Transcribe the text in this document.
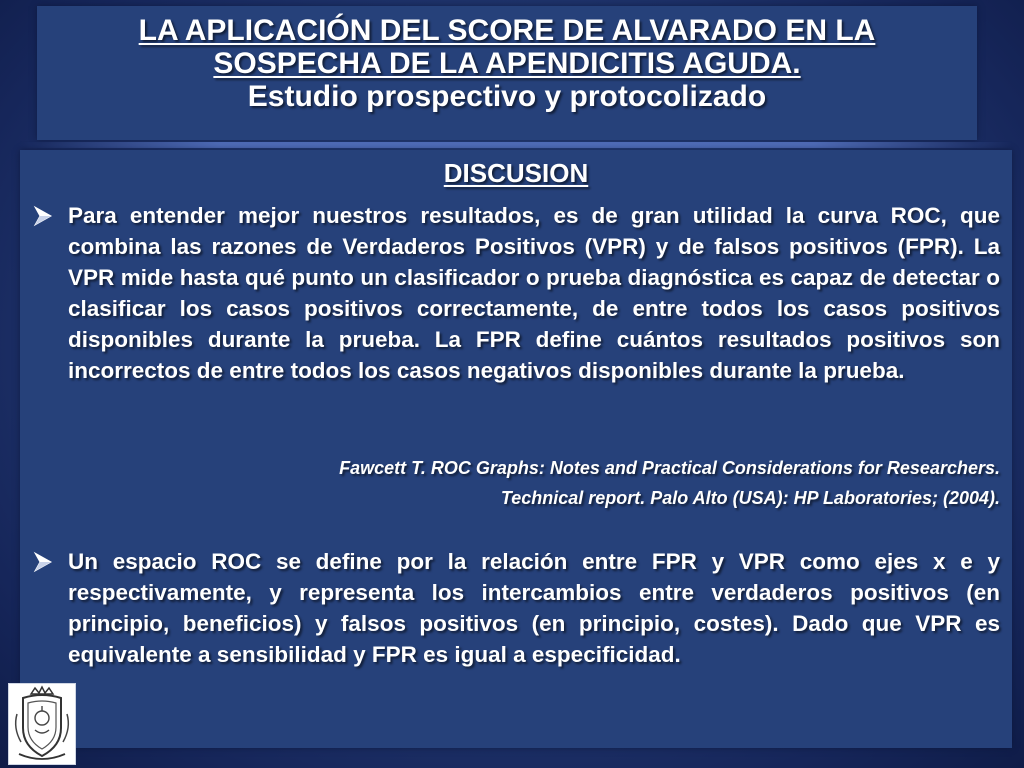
LA APLICACIÓN DEL SCORE DE ALVARADO EN LA
SOSPECHA DE LA APENDICITIS AGUDA.
Estudio prospectivo y protocolizado
DISCUSION
Para entender mejor nuestros resultados, es de gran utilidad la curva ROC, que combina las razones de Verdaderos Positivos (VPR) y de falsos positivos (FPR). La VPR mide hasta qué punto un clasificador o prueba diagnóstica es capaz de detectar o clasificar los casos positivos correctamente, de entre todos los casos positivos disponibles durante la prueba. La FPR define cuántos resultados positivos son incorrectos de entre todos los casos negativos disponibles durante la prueba.
Fawcett T. ROC Graphs: Notes and Practical Considerations for Researchers.
Technical report. Palo Alto (USA): HP Laboratories; (2004).
Un espacio ROC se define por la relación entre FPR y VPR como ejes x e y respectivamente, y representa los intercambios entre verdaderos positivos (en principio, beneficios) y falsos positivos (en principio, costes). Dado que VPR es equivalente a sensibilidad y FPR es igual a especificidad.
